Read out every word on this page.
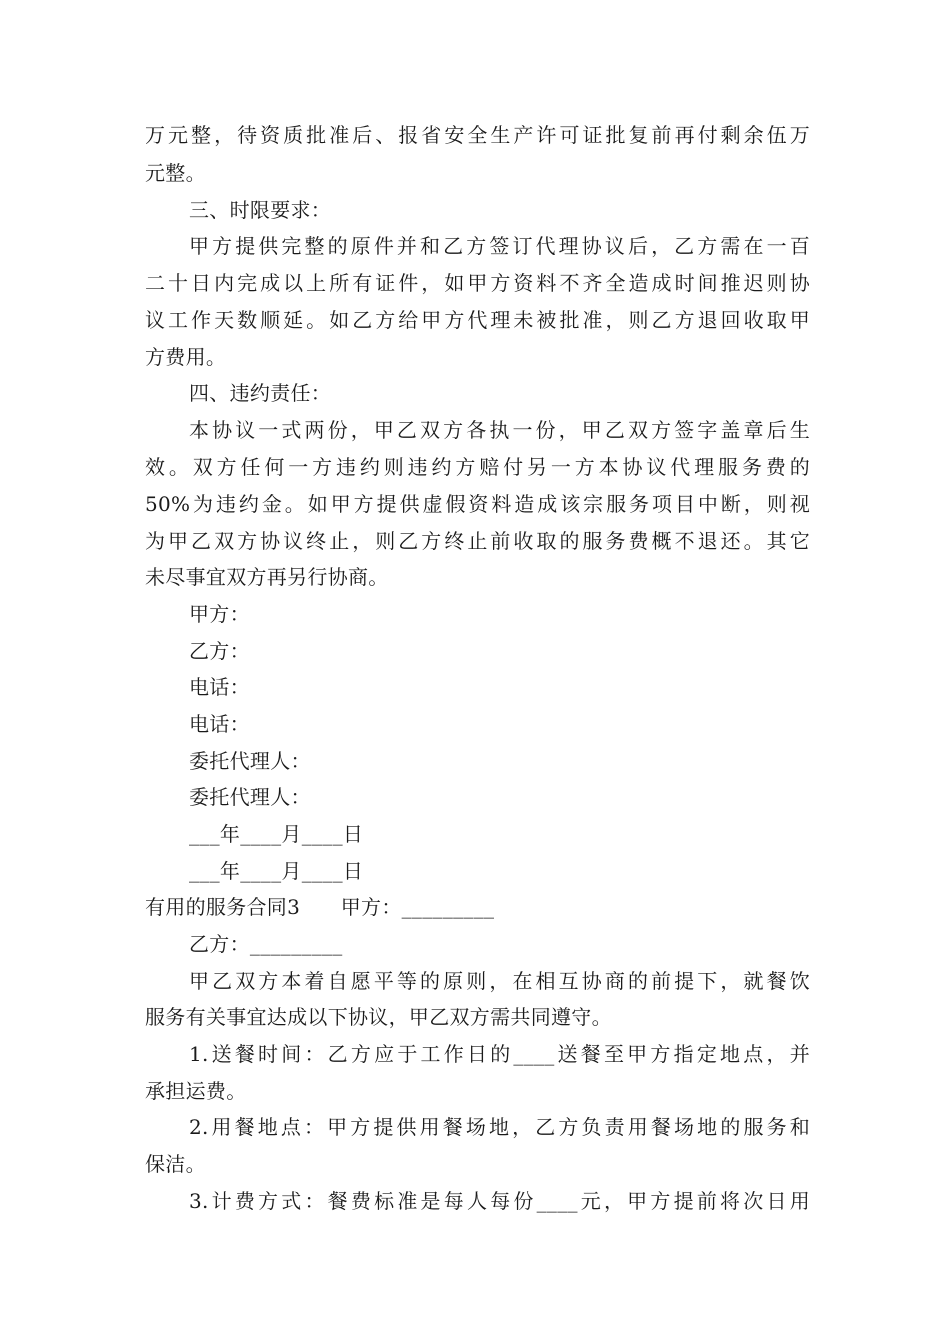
万元整，待资质批准后、报省安全生产许可证批复前再付剩余伍万
元整。
三、时限要求：
甲方提供完整的原件并和乙方签订代理协议后，乙方需在一百
二十日内完成以上所有证件，如甲方资料不齐全造成时间推迟则协
议工作天数顺延。如乙方给甲方代理未被批准，则乙方退回收取甲
方费用。
四、违约责任：
本协议一式两份，甲乙双方各执一份，甲乙双方签字盖章后生
效。双方任何一方违约则违约方赔付另一方本协议代理服务费的
50%为违约金。如甲方提供虚假资料造成该宗服务项目中断，则视
为甲乙双方协议终止，则乙方终止前收取的服务费概不退还。其它
未尽事宜双方再另行协商。
甲方：
乙方：
电话：
电话：
委托代理人：
委托代理人：
___年____月____日
___年____月____日
有用的服务合同3　　甲方：_________
乙方：_________
甲乙双方本着自愿平等的原则，在相互协商的前提下，就餐饮
服务有关事宜达成以下协议，甲乙双方需共同遵守。
1.送餐时间：乙方应于工作日的____送餐至甲方指定地点，并
承担运费。
2.用餐地点：甲方提供用餐场地，乙方负责用餐场地的服务和
保洁。
3.计费方式：餐费标准是每人每份____元，甲方提前将次日用
